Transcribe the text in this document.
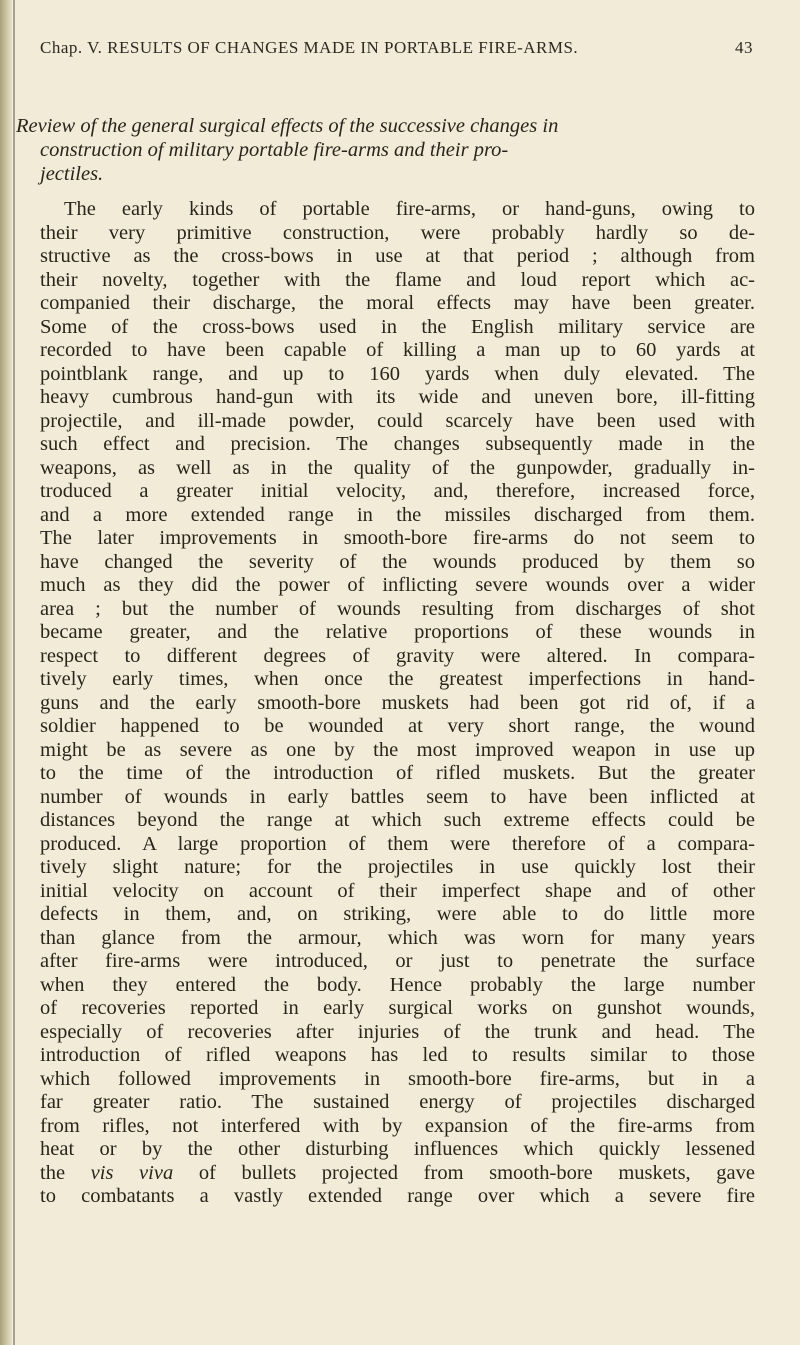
Chap. V. RESULTS OF CHANGES MADE IN PORTABLE FIRE-ARMS.	43
Review of the general surgical effects of the successive changes in
construction of military portable fire-arms and their pro-
jectiles.
The early kinds of portable fire-arms, or hand-guns, owing to
their very primitive construction, were probably hardly so de-
structive as the cross-bows in use at that period ; although from
their novelty, together with the flame and loud report which ac-
companied their discharge, the moral effects may have been greater.
Some of the cross-bows used in the English military service are
recorded to have been capable of killing a man up to 60 yards at
pointblank range, and up to 160 yards when duly elevated. The
heavy cumbrous hand-gun with its wide and uneven bore, ill-fitting
projectile, and ill-made powder, could scarcely have been used with
such effect and precision. The changes subsequently made in the
weapons, as well as in the quality of the gunpowder, gradually in-
troduced a greater initial velocity, and, therefore, increased force,
and a more extended range in the missiles discharged from them.
The later improvements in smooth-bore fire-arms do not seem to
have changed the severity of the wounds produced by them so
much as they did the power of inflicting severe wounds over a wider
area ; but the number of wounds resulting from discharges of shot
became greater, and the relative proportions of these wounds in
respect to different degrees of gravity were altered. In compara-
tively early times, when once the greatest imperfections in hand-
guns and the early smooth-bore muskets had been got rid of, if a
soldier happened to be wounded at very short range, the wound
might be as severe as one by the most improved weapon in use up
to the time of the introduction of rifled muskets. But the greater
number of wounds in early battles seem to have been inflicted at
distances beyond the range at which such extreme effects could be
produced. A large proportion of them were therefore of a compara-
tively slight nature; for the projectiles in use quickly lost their
initial velocity on account of their imperfect shape and of other
defects in them, and, on striking, were able to do little more
than glance from the armour, which was worn for many years
after fire-arms were introduced, or just to penetrate the surface
when they entered the body. Hence probably the large number
of recoveries reported in early surgical works on gunshot wounds,
especially of recoveries after injuries of the trunk and head. The
introduction of rifled weapons has led to results similar to those
which followed improvements in smooth-bore fire-arms, but in a
far greater ratio. The sustained energy of projectiles discharged
from rifles, not interfered with by expansion of the fire-arms from
heat or by the other disturbing influences which quickly lessened
the vis viva of bullets projected from smooth-bore muskets, gave
to combatants a vastly extended range over which a severe fire
